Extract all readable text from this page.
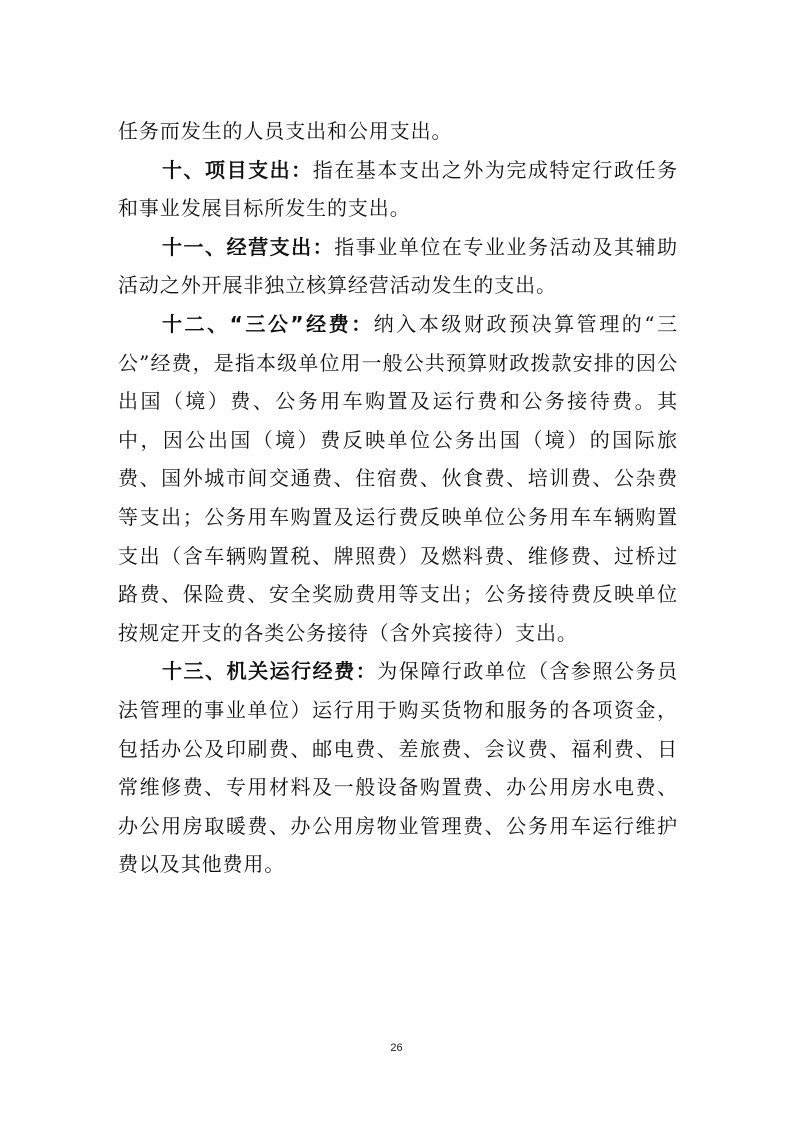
任务而发生的人员支出和公用支出。

十、项目支出：指在基本支出之外为完成特定行政任务和事业发展目标所发生的支出。

十一、经营支出：指事业单位在专业业务活动及其辅助活动之外开展非独立核算经营活动发生的支出。

十二、“三公”经费：纳入本级财政预决算管理的“三公”经费，是指本级单位用一般公共预算财政拨款安排的因公出国（境）费、公务用车购置及运行费和公务接待费。其中，因公出国（境）费反映单位公务出国（境）的国际旅费、国外城市间交通费、住宿费、伙食费、培训费、公杂费等支出；公务用车购置及运行费反映单位公务用车车辆购置支出（含车辆购置税、牌照费）及燃料费、维修费、过桥过路费、保险费、安全奖励费用等支出；公务接待费反映单位按规定开支的各类公务接待（含外宾接待）支出。

十三、机关运行经费：为保障行政单位（含参照公务员法管理的事业单位）运行用于购买货物和服务的各项资金，包括办公及印刷费、邮电费、差旅费、会议费、福利费、日常维修费、专用材料及一般设备购置费、办公用房水电费、办公用房取暖费、办公用房物业管理费、公务用车运行维护费以及其他费用。

26
